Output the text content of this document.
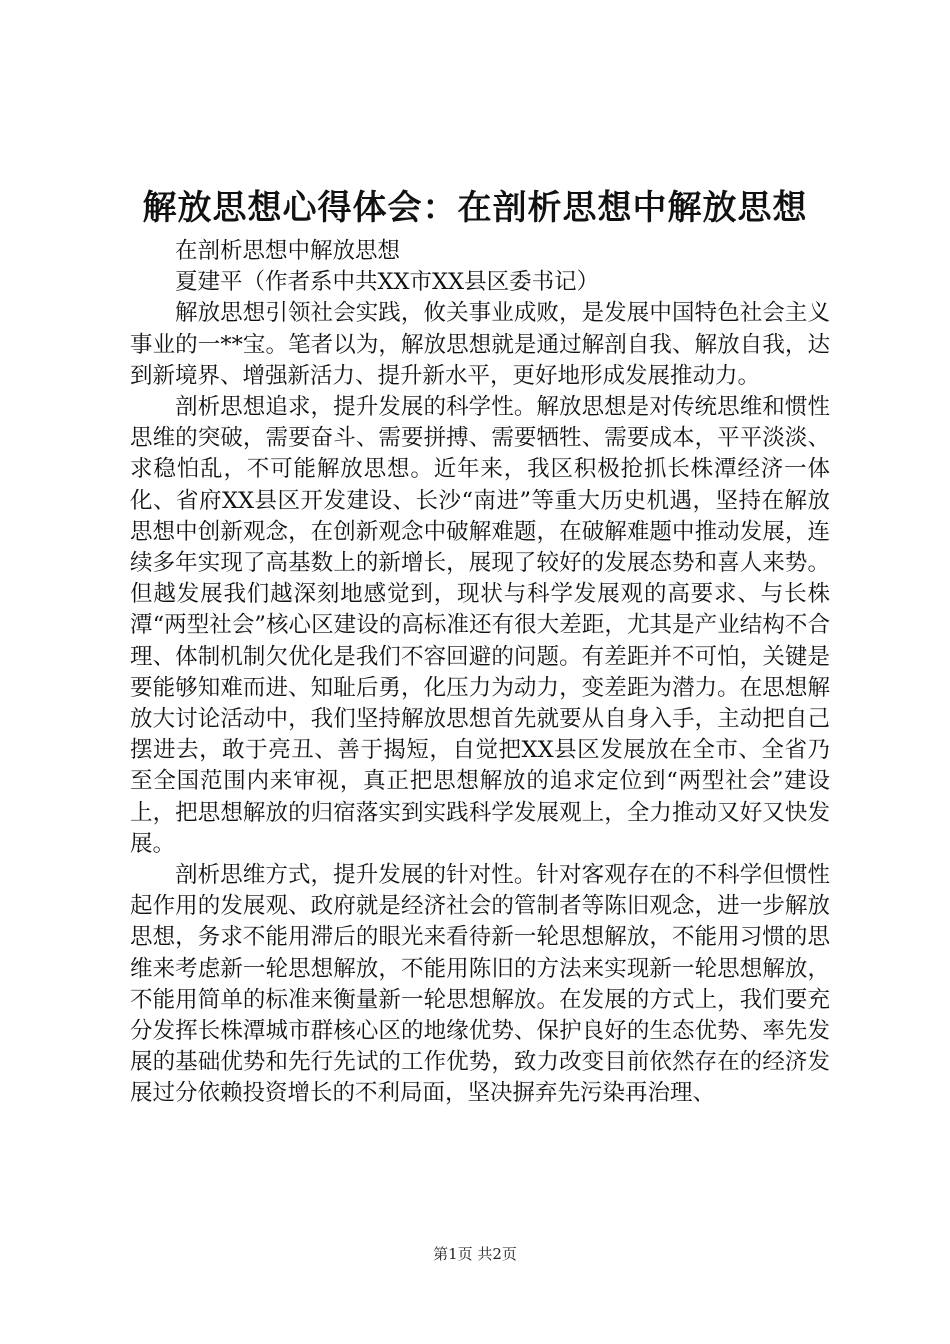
解放思想心得体会：在剖析思想中解放思想

在剖析思想中解放思想

夏建平（作者系中共XX市XX县区委书记）

解放思想引领社会实践，攸关事业成败，是发展中国特色社会主义事业的一**宝。笔者以为，解放思想就是通过解剖自我、解放自我，达到新境界、增强新活力、提升新水平，更好地形成发展推动力。

剖析思想追求，提升发展的科学性。解放思想是对传统思维和惯性思维的突破，需要奋斗、需要拼搏、需要牺牲、需要成本，平平淡淡、求稳怕乱，不可能解放思想。近年来，我区积极抢抓长株潭经济一体化、省府XX县区开发建设、长沙“南进”等重大历史机遇，坚持在解放思想中创新观念，在创新观念中破解难题，在破解难题中推动发展，连续多年实现了高基数上的新增长，展现了较好的发展态势和喜人来势。但越发展我们越深刻地感觉到，现状与科学发展观的高要求、与长株潭“两型社会”核心区建设的高标准还有很大差距，尤其是产业结构不合理、体制机制欠优化是我们不容回避的问题。有差距并不可怕，关键是要能够知难而进、知耻后勇，化压力为动力，变差距为潜力。在思想解放大讨论活动中，我们坚持解放思想首先就要从自身入手，主动把自己摆进去，敢于亮丑、善于揭短，自觉把XX县区发展放在全市、全省乃至全国范围内来审视，真正把思想解放的追求定位到“两型社会”建设上，把思想解放的归宿落实到实践科学发展观上，全力推动又好又快发展。

剖析思维方式，提升发展的针对性。针对客观存在的不科学但惯性起作用的发展观、政府就是经济社会的管制者等陈旧观念，进一步解放思想，务求不能用滞后的眼光来看待新一轮思想解放，不能用习惯的思维来考虑新一轮思想解放，不能用陈旧的方法来实现新一轮思想解放，不能用简单的标准来衡量新一轮思想解放。在发展的方式上，我们要充分发挥长株潭城市群核心区的地缘优势、保护良好的生态优势、率先发展的基础优势和先行先试的工作优势，致力改变目前依然存在的经济发展过分依赖投资增长的不利局面，坚决摒弃先污染再治理、

第1页 共2页
